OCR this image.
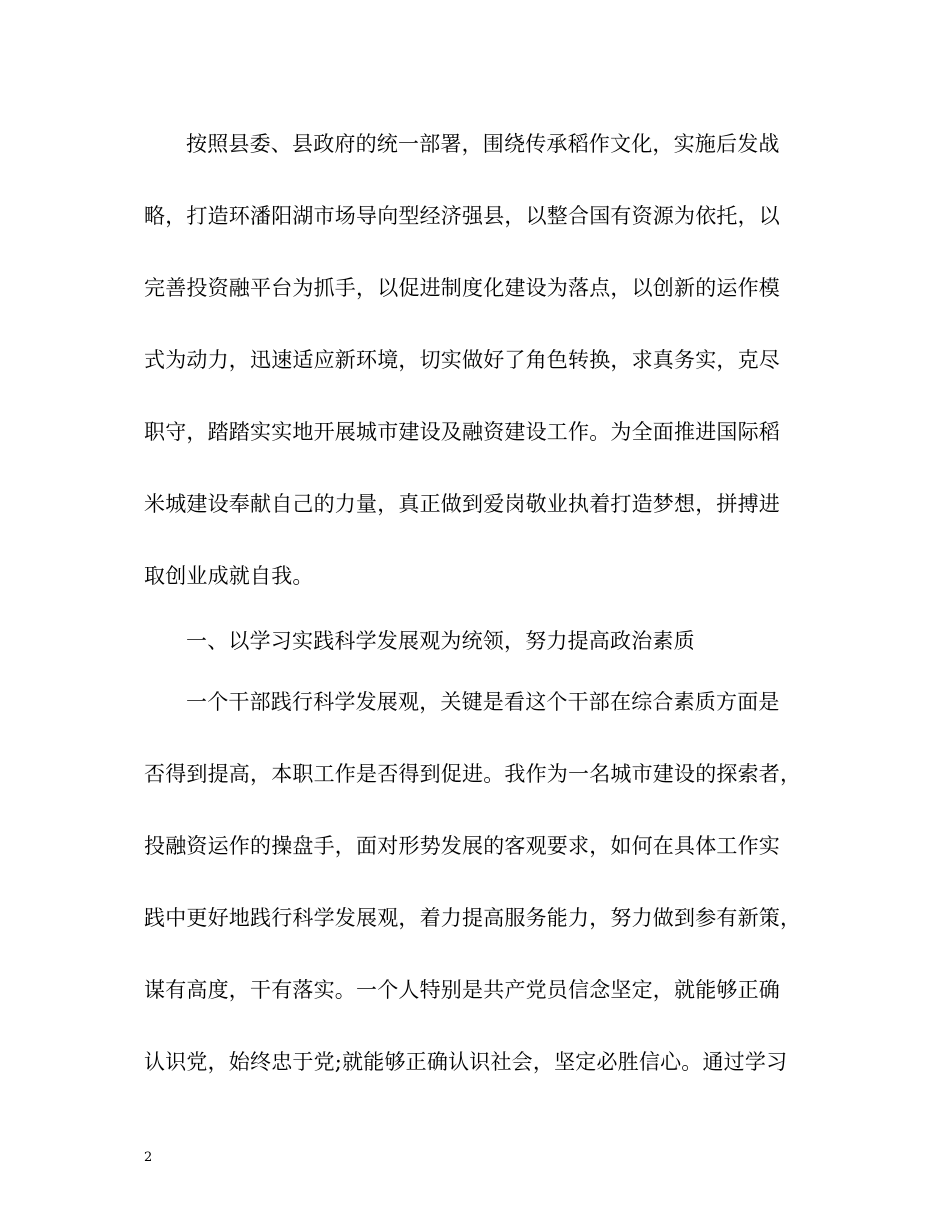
按照县委、县政府的统一部署，围绕传承稻作文化，实施后发战
略，打造环潘阳湖市场导向型经济强县，以整合国有资源为依托，以
完善投资融平台为抓手，以促进制度化建设为落点，以创新的运作模
式为动力，迅速适应新环境，切实做好了角色转换，求真务实，克尽
职守，踏踏实实地开展城市建设及融资建设工作。为全面推进国际稻
米城建设奉献自己的力量，真正做到爱岗敬业执着打造梦想，拼搏进
取创业成就自我。
一、以学习实践科学发展观为统领，努力提高政治素质
一个干部践行科学发展观，关键是看这个干部在综合素质方面是
否得到提高，本职工作是否得到促进。我作为一名城市建设的探索者，
投融资运作的操盘手，面对形势发展的客观要求，如何在具体工作实
践中更好地践行科学发展观，着力提高服务能力，努力做到参有新策，
谋有高度，干有落实。一个人特别是共产党员信念坚定，就能够正确
认识党，始终忠于党;就能够正确认识社会，坚定必胜信心。通过学习
2
